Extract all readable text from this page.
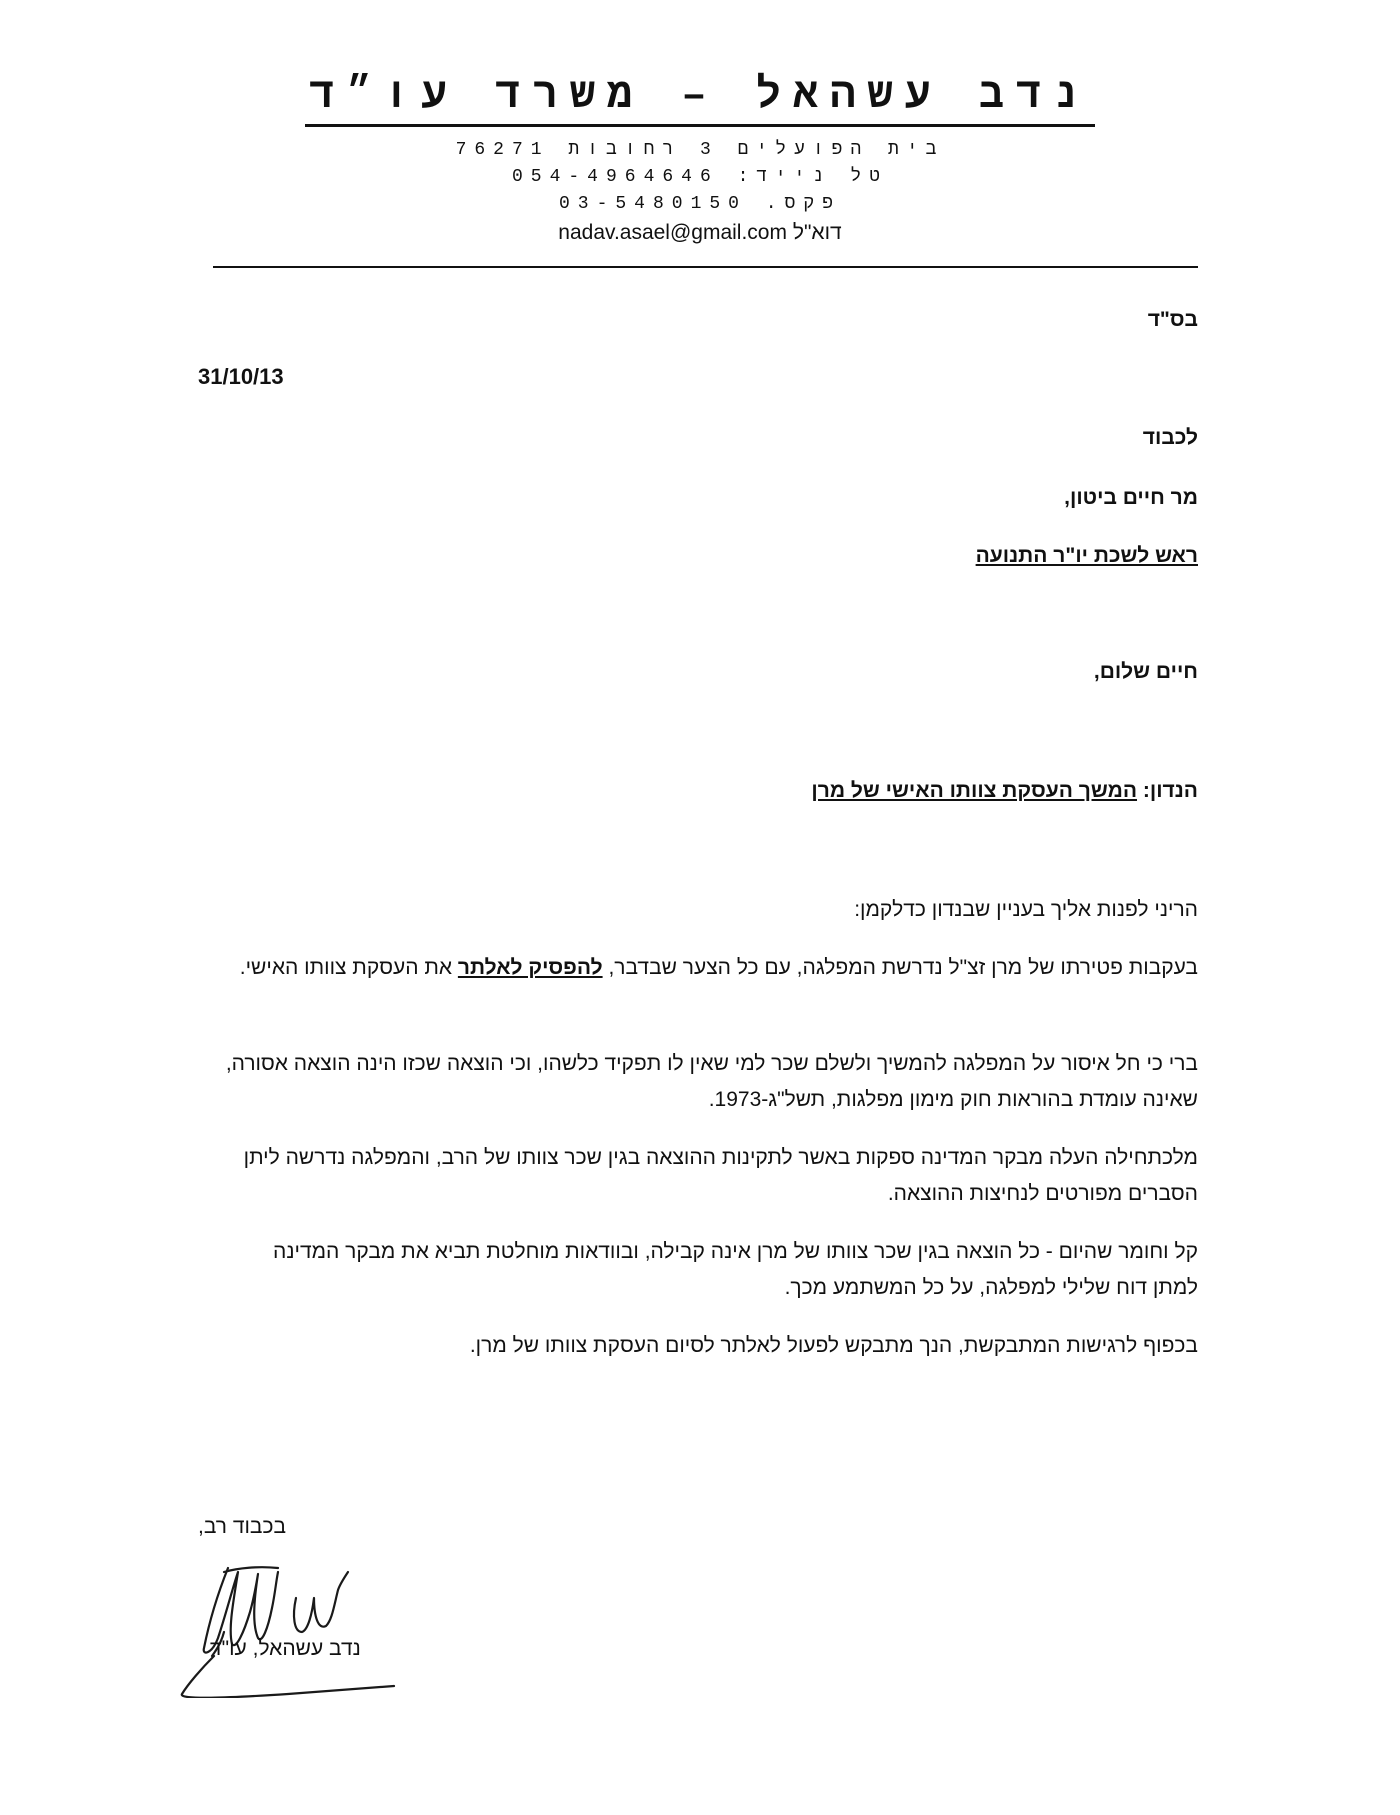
נדב עשהאל – משרד עו״ד
בית הפועלים 3 רחובות 76271
טל נייד: 054-4964646
פקס. 03-5480150
דוא"ל nadav.asael@gmail.com
בס"ד
31/10/13
לכבוד
מר חיים ביטון,
ראש לשכת יו"ר התנועה
חיים שלום,
הנדון: המשך העסקת צוותו האישי של מרן
הריני לפנות אליך בעניין שבנדון כדלקמן:
בעקבות פטירתו של מרן זצ"ל נדרשת המפלגה, עם כל הצער שבדבר, להפסיק לאלתר את העסקת צוותו האישי.
ברי כי חל איסור על המפלגה להמשיך ולשלם שכר למי שאין לו תפקיד כלשהו, וכי הוצאה שכזו הינה הוצאה אסורה, שאינה עומדת בהוראות חוק מימון מפלגות, תשל"ג-1973.
מלכתחילה העלה מבקר המדינה ספקות באשר לתקינות ההוצאה בגין שכר צוותו של הרב, והמפלגה נדרשה ליתן הסברים מפורטים לנחיצות ההוצאה.
קל וחומר שהיום - כל הוצאה בגין שכר צוותו של מרן אינה קבילה, ובוודאות מוחלטת תביא את מבקר המדינה למתן דוח שלילי למפלגה, על כל המשתמע מכך.
בכפוף לרגישות המתבקשת, הנך מתבקש לפעול לאלתר לסיום העסקת צוותו של מרן.
בכבוד רב,
נדב עשהאל, עו"ד
